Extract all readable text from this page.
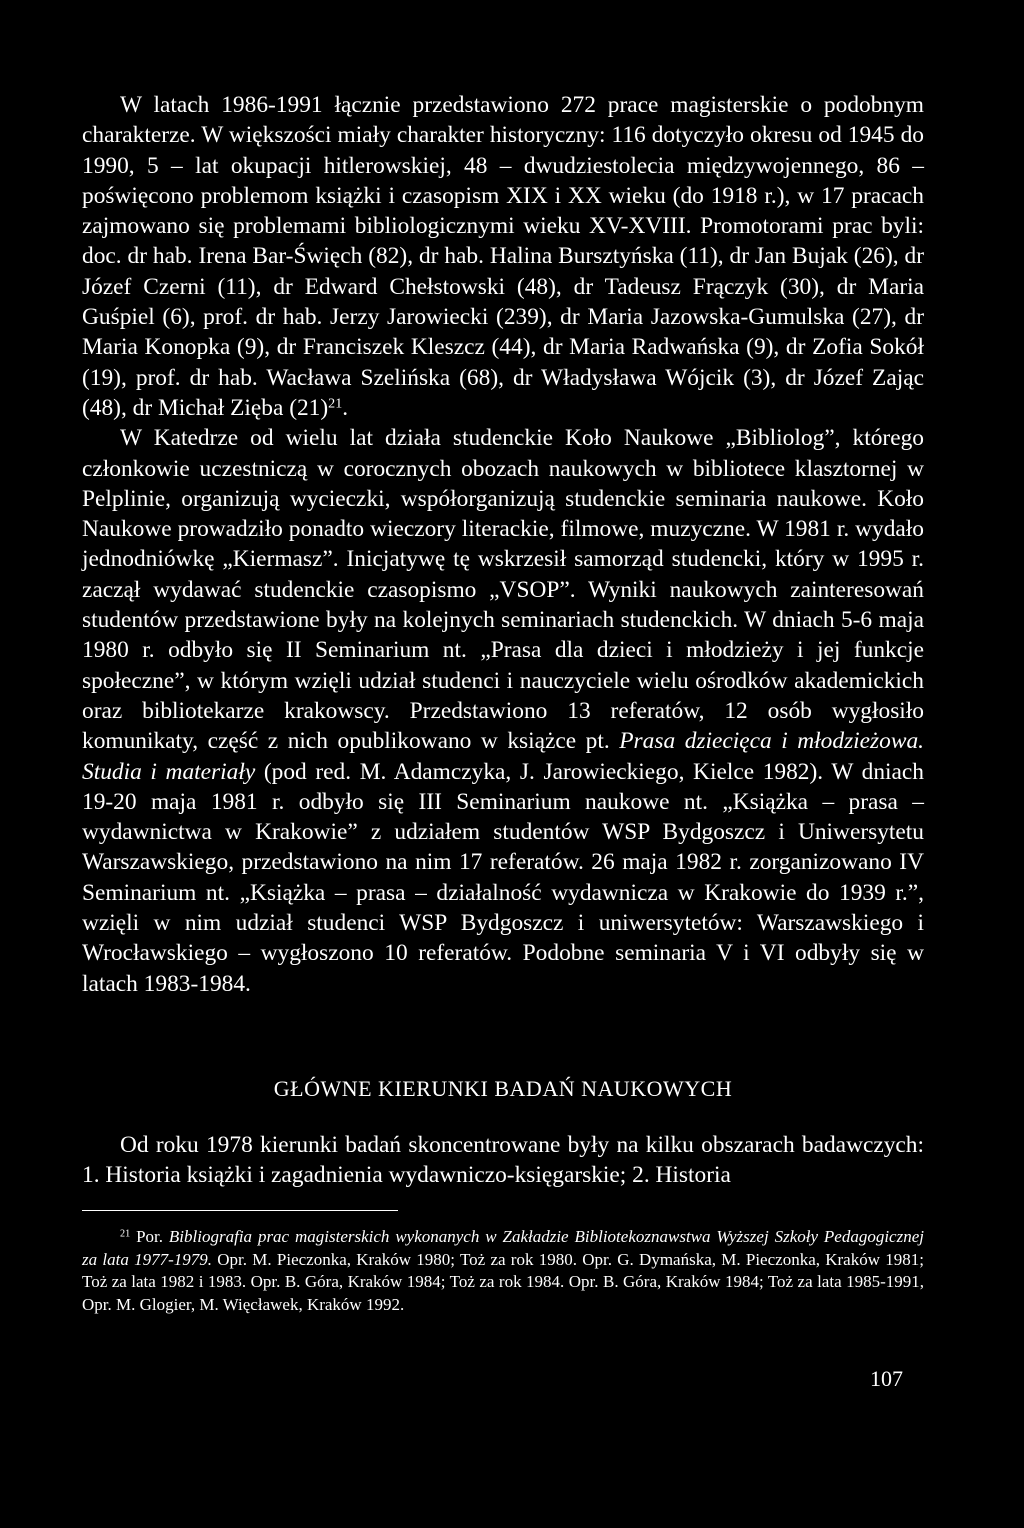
W latach 1986-1991 łącznie przedstawiono 272 prace magisterskie o podobnym charakterze. W większości miały charakter historyczny: 116 dotyczyło okresu od 1945 do 1990, 5 – lat okupacji hitlerowskiej, 48 – dwudziestolecia międzywojennego, 86 – poświęcono problemom książki i czasopism XIX i XX wieku (do 1918 r.), w 17 pracach zajmowano się problemami bibliologicznymi wieku XV-XVIII. Promotorami prac byli: doc. dr hab. Irena Bar-Święch (82), dr hab. Halina Bursztyńska (11), dr Jan Bujak (26), dr Józef Czerni (11), dr Edward Chełstowski (48), dr Tadeusz Frączyk (30), dr Maria Guśpiel (6), prof. dr hab. Jerzy Jarowiecki (239), dr Maria Jazowska-Gumulska (27), dr Maria Konopka (9), dr Franciszek Kleszcz (44), dr Maria Radwańska (9), dr Zofia Sokół (19), prof. dr hab. Wacława Szelińska (68), dr Władysława Wójcik (3), dr Józef Zając (48), dr Michał Zięba $(21)^{21}$.

W Katedrze od wielu lat działa studenckie Koło Naukowe „Bibliolog”, którego członkowie uczestniczą w corocznych obozach naukowych w bibliotece klasztornej w Pelplinie, organizują wycieczki, współorganizują studenckie seminaria naukowe. Koło Naukowe prowadziło ponadto wieczory literackie, filmowe, muzyczne. W 1981 r. wydało jednodniówkę „Kiermasz”. Inicjatywę tę wskrzesił samorząd studencki, który w 1995 r. zaczął wydawać studenckie czasopismo „VSOP”. Wyniki naukowych zainteresowań studentów przedstawione były na kolejnych seminariach studenckich. W dniach 5-6 maja 1980 r. odbyło się II Seminarium nt. „Prasa dla dzieci i młodzieży i jej funkcje społeczne”, w którym wzięli udział studenci i nauczyciele wielu ośrodków akademickich oraz bibliotekarze krakowscy. Przedstawiono 13 referatów, 12 osób wygłosiło komunikaty, część z nich opublikowano w książce pt. Prasa dziecięca i młodzieżowa. Studia i materiały (pod red. M. Adamczyka, J. Jarowieckiego, Kielce 1982). W dniach 19-20 maja 1981 r. odbyło się III Seminarium naukowe nt. „Książka – prasa – wydawnictwa w Krakowie” z udziałem studentów WSP Bydgoszcz i Uniwersytetu Warszawskiego, przedstawiono na nim 17 referatów. 26 maja 1982 r. zorganizowano IV Seminarium nt. „Książka – prasa – działalność wydawnicza w Krakowie do 1939 r.”, wzięli w nim udział studenci WSP Bydgoszcz i uniwersytetów: Warszawskiego i Wrocławskiego – wygłoszono 10 referatów. Podobne seminaria V i VI odbyły się w latach 1983-1984.

GŁÓWNE KIERUNKI BADAŃ NAUKOWYCH

Od roku 1978 kierunki badań skoncentrowane były na kilku obszarach badawczych: 1. Historia książki i zagadnienia wydawniczo-księgarskie; 2. Historia

$^{21}$ Por. Bibliografia prac magisterskich wykonanych w Zakładzie Bibliotekoznawstwa Wyższej Szkoły Pedagogicznej za lata 1977-1979. Opr. M. Pieczonka, Kraków 1980; Toż za rok 1980. Opr. G. Dymańska, M. Pieczonka, Kraków 1981; Toż za lata 1982 i 1983. Opr. B. Góra, Kraków 1984; Toż za rok 1984. Opr. B. Góra, Kraków 1984; Toż za lata 1985-1991, Opr. M. Glogier, M. Więcławek, Kraków 1992.

107
